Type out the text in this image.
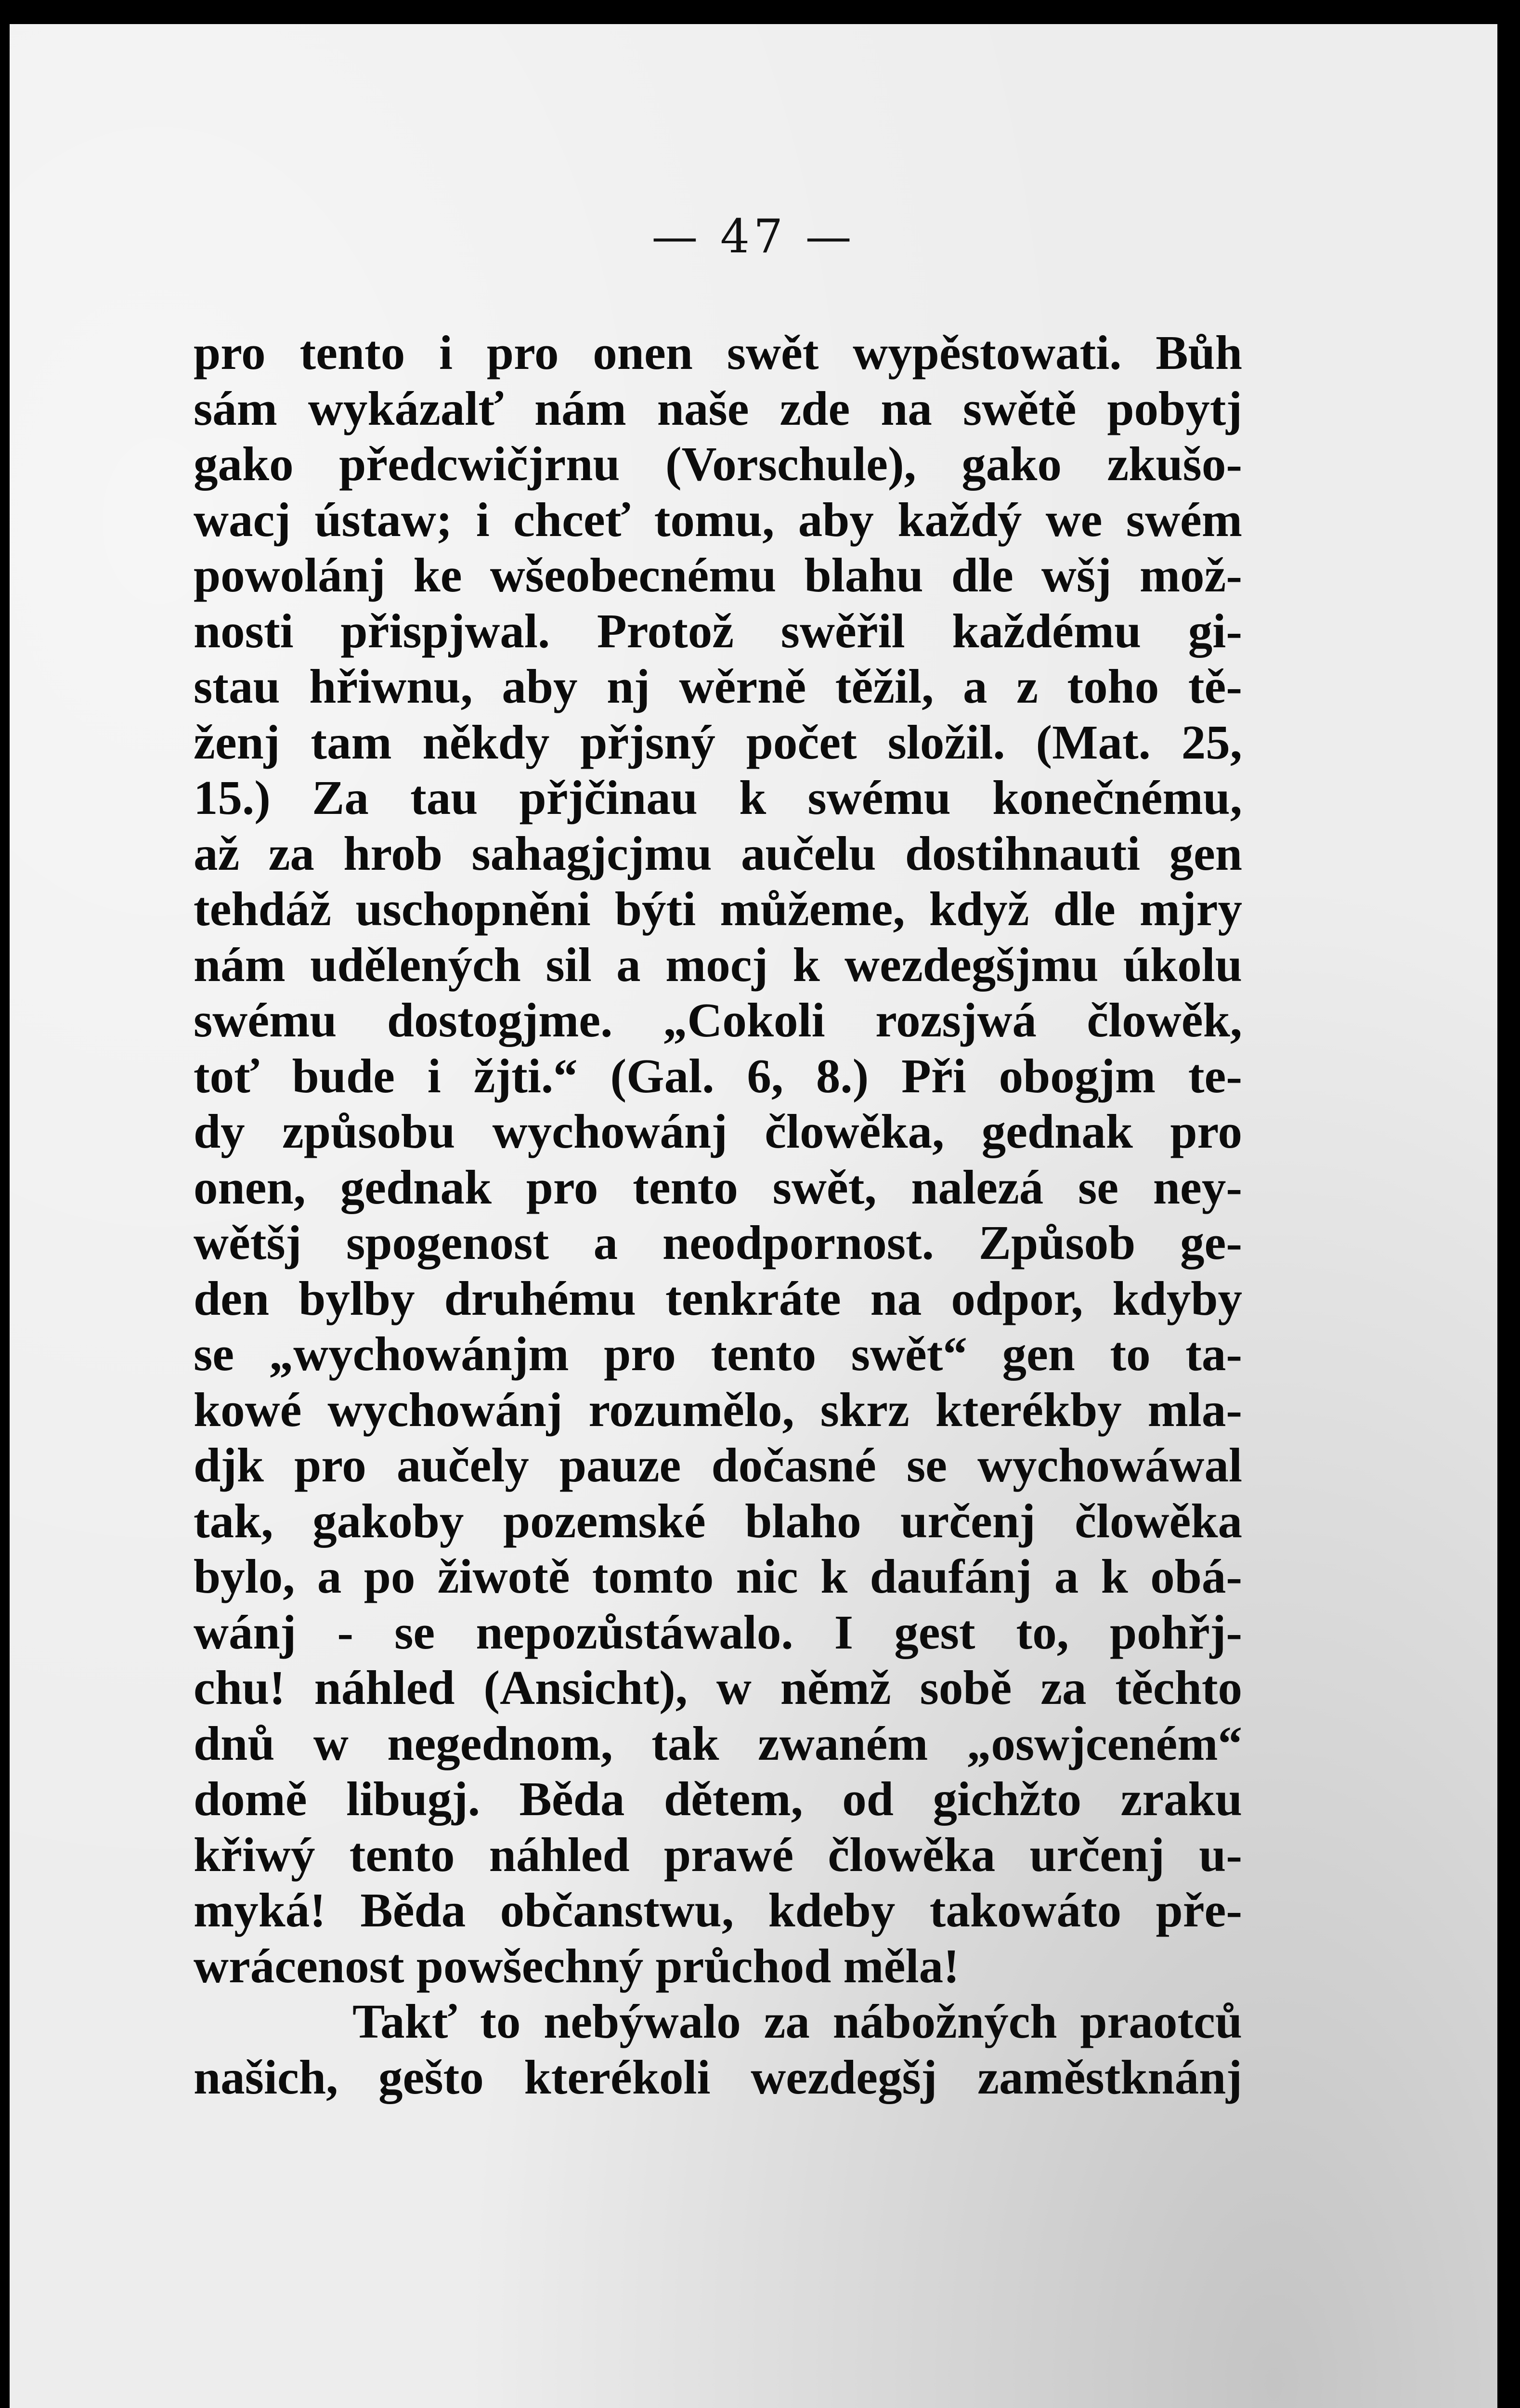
— 47 —
pro tento i pro onen swět wypěstowati. Bůh
sám wykázalť nám naše zde na swětě pobytj
gako předcwičjrnu (Vorschule), gako zkušo-
wacj ústaw; i chceť tomu, aby každý we swém
powolánj ke wšeobecnému blahu dle wšj mož-
nosti přispjwal. Protož swěřil každému gi-
stau hřiwnu, aby nj wěrně těžil, a z toho tě-
ženj tam někdy přjsný počet složil. (Mat. 25,
15.) Za tau přjčinau k swému konečnému,
až za hrob sahagjcjmu aučelu dostihnauti gen
tehdáž uschopněni býti můžeme, když dle mjry
nám udělených sil a mocj k wezdegšjmu úkolu
swému dostogjme. „Cokoli rozsjwá člowěk,
toť bude i žjti.“ (Gal. 6, 8.) Při obogjm te-
dy způsobu wychowánj člowěka, gednak pro
onen, gednak pro tento swět, nalezá se ney-
wětšj spogenost a neodpornost. Způsob ge-
den bylby druhému tenkráte na odpor, kdyby
se „wychowánjm pro tento swět“ gen to ta-
kowé wychowánj rozumělo, skrz kterékby mla-
djk pro aučely pauze dočasné se wychowáwal
tak, gakoby pozemské blaho určenj člowěka
bylo, a po žiwotě tomto nic k daufánj a k obá-
wánj - se nepozůstáwalo. I gest to, pohřj-
chu! náhled (Ansicht), w němž sobě za těchto
dnů w negednom, tak zwaném „oswjceném“
domě libugj. Běda dětem, od gichžto zraku
křiwý tento náhled prawé člowěka určenj u-
myká! Běda občanstwu, kdeby takowáto pře-
wrácenost powšechný průchod měla!
Takť to nebýwalo za nábožných praotců
našich, gešto kterékoli wezdegšj zaměstknánj
